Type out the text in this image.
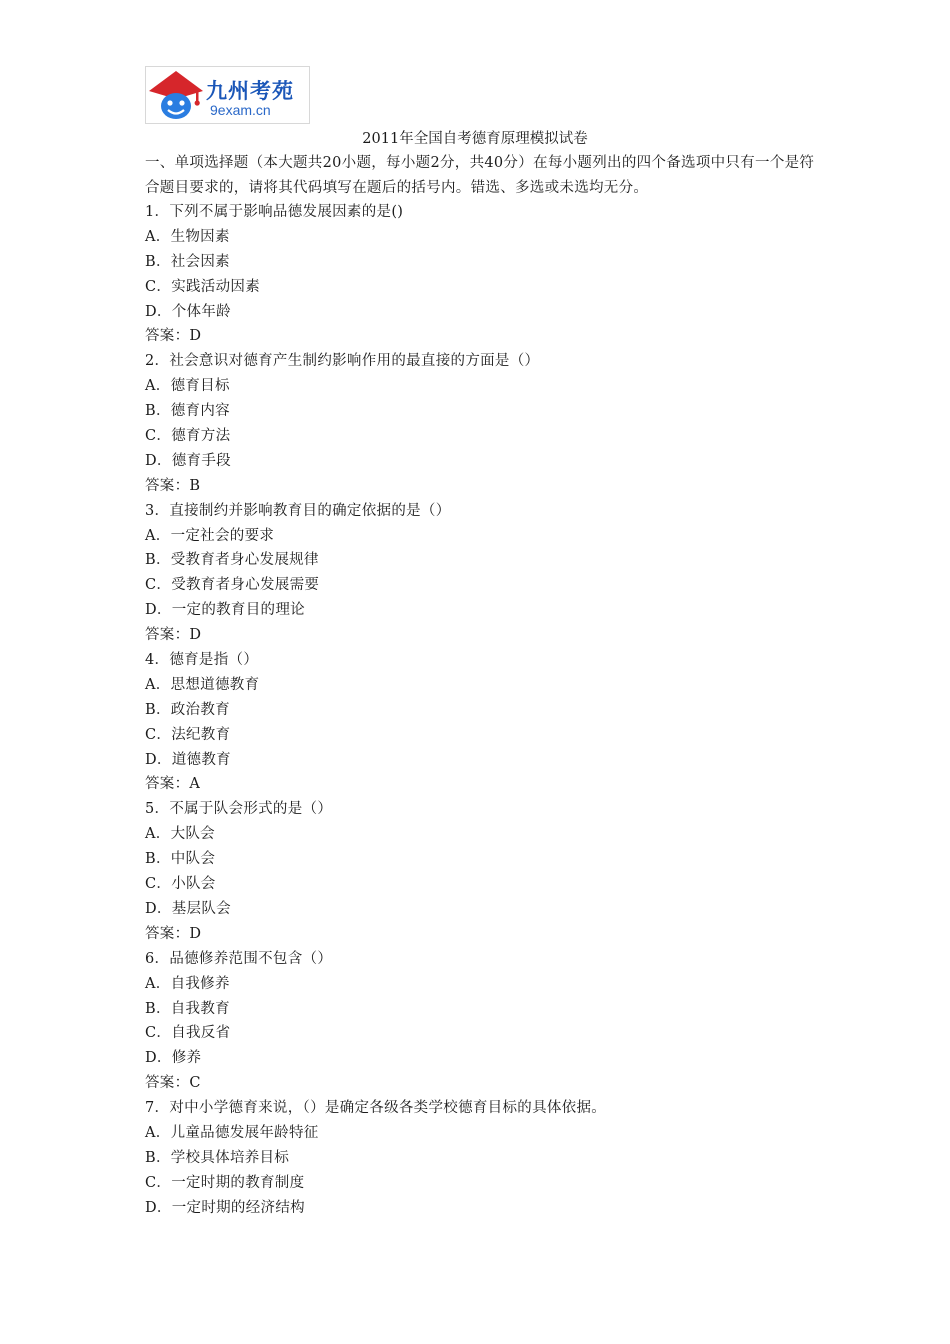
九州考苑
9exam.cn
2011年全国自考德育原理模拟试卷
一、单项选择题（本大题共20小题，每小题2分，共40分）在每小题列出的四个备选项中只有一个是符合题目要求的，请将其代码填写在题后的括号内。错选、多选或未选均无分。
1．下列不属于影响品德发展因素的是()
A．生物因素
B．社会因素
C．实践活动因素
D．个体年龄
答案：D
2．社会意识对德育产生制约影响作用的最直接的方面是（）
A．德育目标
B．德育内容
C．德育方法
D．德育手段
答案：B
3．直接制约并影响教育目的确定依据的是（）
A．一定社会的要求
B．受教育者身心发展规律
C．受教育者身心发展需要
D．一定的教育目的理论
答案：D
4．德育是指（）
A．思想道德教育
B．政治教育
C．法纪教育
D．道德教育
答案：A
5．不属于队会形式的是（）
A．大队会
B．中队会
C．小队会
D．基层队会
答案：D
6．品德修养范围不包含（）
A．自我修养
B．自我教育
C．自我反省
D．修养
答案：C
7．对中小学德育来说，（）是确定各级各类学校德育目标的具体依据。
A．儿童品德发展年龄特征
B．学校具体培养目标
C．一定时期的教育制度
D．一定时期的经济结构
